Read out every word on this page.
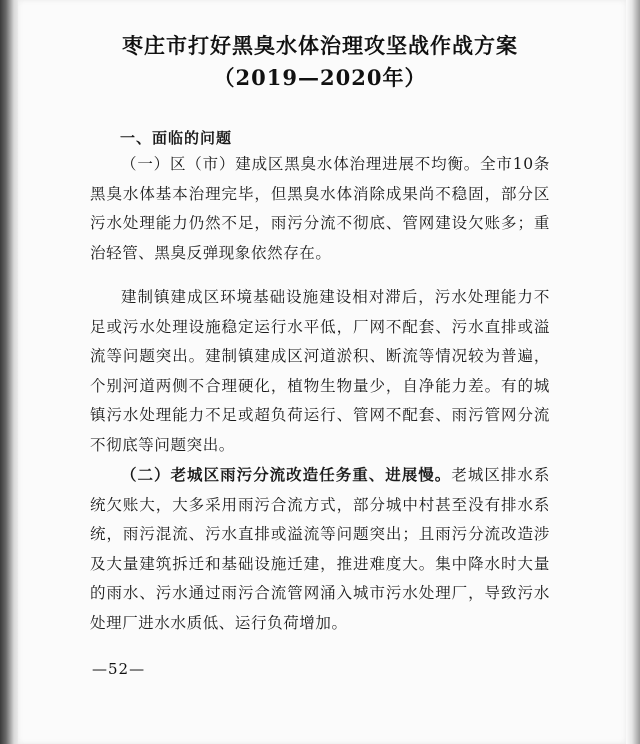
枣庄市打好黑臭水体治理攻坚战作战方案
（2019—2020年）
一、面临的问题
（一）区（市）建成区黑臭水体治理进展不均衡。全市10条黑臭水体基本治理完毕，但黑臭水体消除成果尚不稳固，部分区污水处理能力仍然不足，雨污分流不彻底、管网建设欠账多；重治轻管、黑臭反弹现象依然存在。
建制镇建成区环境基础设施建设相对滞后，污水处理能力不足或污水处理设施稳定运行水平低，厂网不配套、污水直排或溢流等问题突出。建制镇建成区河道淤积、断流等情况较为普遍，个别河道两侧不合理硬化，植物生物量少，自净能力差。有的城镇污水处理能力不足或超负荷运行、管网不配套、雨污管网分流不彻底等问题突出。
（二）老城区雨污分流改造任务重、进展慢。老城区排水系统欠账大，大多采用雨污合流方式，部分城中村甚至没有排水系统，雨污混流、污水直排或溢流等问题突出；且雨污分流改造涉及大量建筑拆迁和基础设施迁建，推进难度大。集中降水时大量的雨水、污水通过雨污合流管网涌入城市污水处理厂，导致污水处理厂进水水质低、运行负荷增加。
—52—
